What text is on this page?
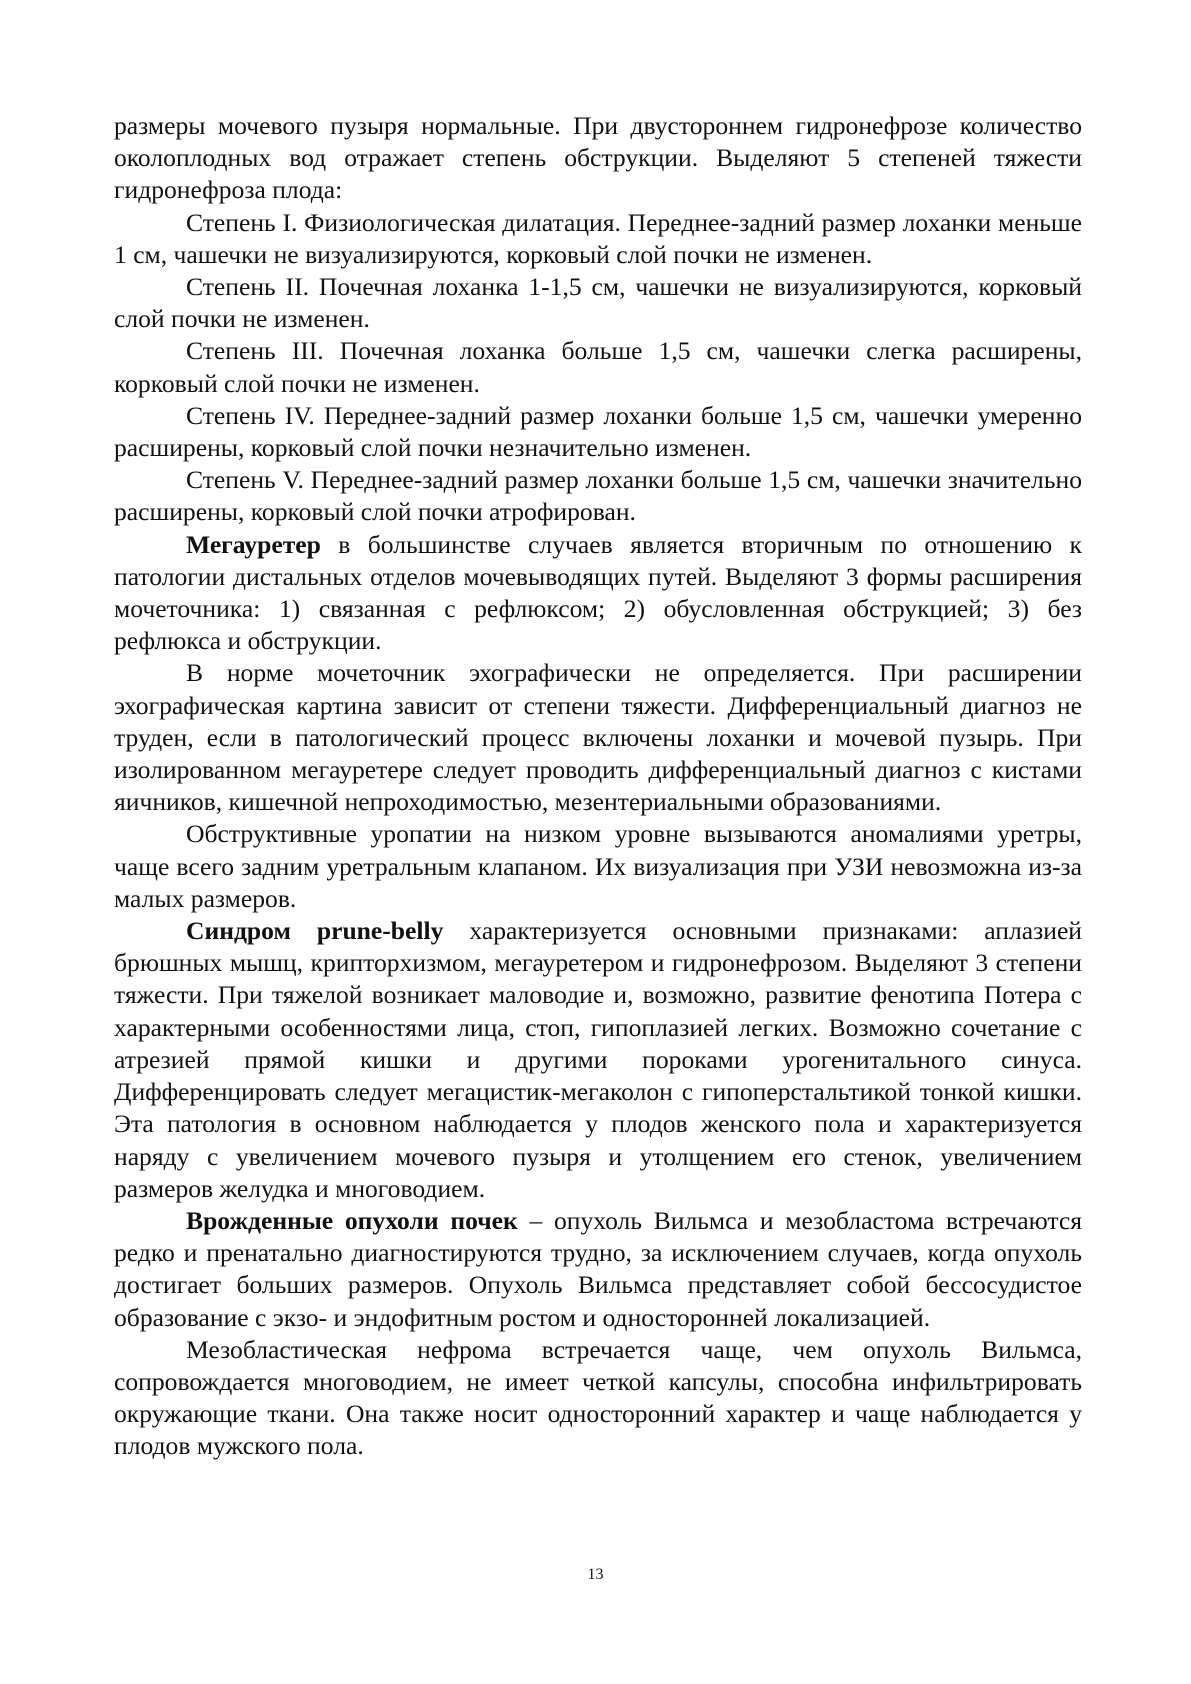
размеры мочевого пузыря нормальные. При двустороннем гидронефрозе количество околоплодных вод отражает степень обструкции. Выделяют 5 степеней тяжести гидронефроза плода:

Степень I. Физиологическая дилатация. Переднее-задний размер лоханки меньше 1 см, чашечки не визуализируются, корковый слой почки не изменен.

Степень II. Почечная лоханка 1-1,5 см, чашечки не визуализируются, корковый слой почки не изменен.

Степень III. Почечная лоханка больше 1,5 см, чашечки слегка расширены, корковый слой почки не изменен.

Степень IV. Переднее-задний размер лоханки больше 1,5 см, чашечки умеренно расширены, корковый слой почки незначительно изменен.

Степень V. Переднее-задний размер лоханки больше 1,5 см, чашечки значительно расширены, корковый слой почки атрофирован.

Мегауретер в большинстве случаев является вторичным по отношению к патологии дистальных отделов мочевыводящих путей. Выделяют 3 формы расширения мочеточника: 1) связанная с рефлюксом; 2) обусловленная обструкцией; 3) без рефлюкса и обструкции.

В норме мочеточник эхографически не определяется. При расширении эхографическая картина зависит от степени тяжести. Дифференциальный диагноз не труден, если в патологический процесс включены лоханки и мочевой пузырь. При изолированном мегауретере следует проводить дифференциальный диагноз с кистами яичников, кишечной непроходимостью, мезентериальными образованиями.

Обструктивные уропатии на низком уровне вызываются аномалиями уретры, чаще всего задним уретральным клапаном. Их визуализация при УЗИ невозможна из-за малых размеров.

Синдром prune-belly характеризуется основными признаками: аплазией брюшных мышц, крипторхизмом, мегауретером и гидронефрозом. Выделяют 3 степени тяжести. При тяжелой возникает маловодие и, возможно, развитие фенотипа Потера с характерными особенностями лица, стоп, гипоплазией легких. Возможно сочетание с атрезией прямой кишки и другими пороками урогенитального синуса. Дифференцировать следует мегацистик-мегаколон с гипоперстальтикой тонкой кишки. Эта патология в основном наблюдается у плодов женского пола и характеризуется наряду с увеличением мочевого пузыря и утолщением его стенок, увеличением размеров желудка и многоводием.

Врожденные опухоли почек – опухоль Вильмса и мезобластома встречаются редко и пренатально диагностируются трудно, за исключением случаев, когда опухоль достигает больших размеров. Опухоль Вильмса представляет собой бессосудистое образование с экзо- и эндофитным ростом и односторонней локализацией.

Мезобластическая нефрома встречается чаще, чем опухоль Вильмса, сопровождается многоводием, не имеет четкой капсулы, способна инфильтрировать окружающие ткани. Она также носит односторонний характер и чаще наблюдается у плодов мужского пола.

13
